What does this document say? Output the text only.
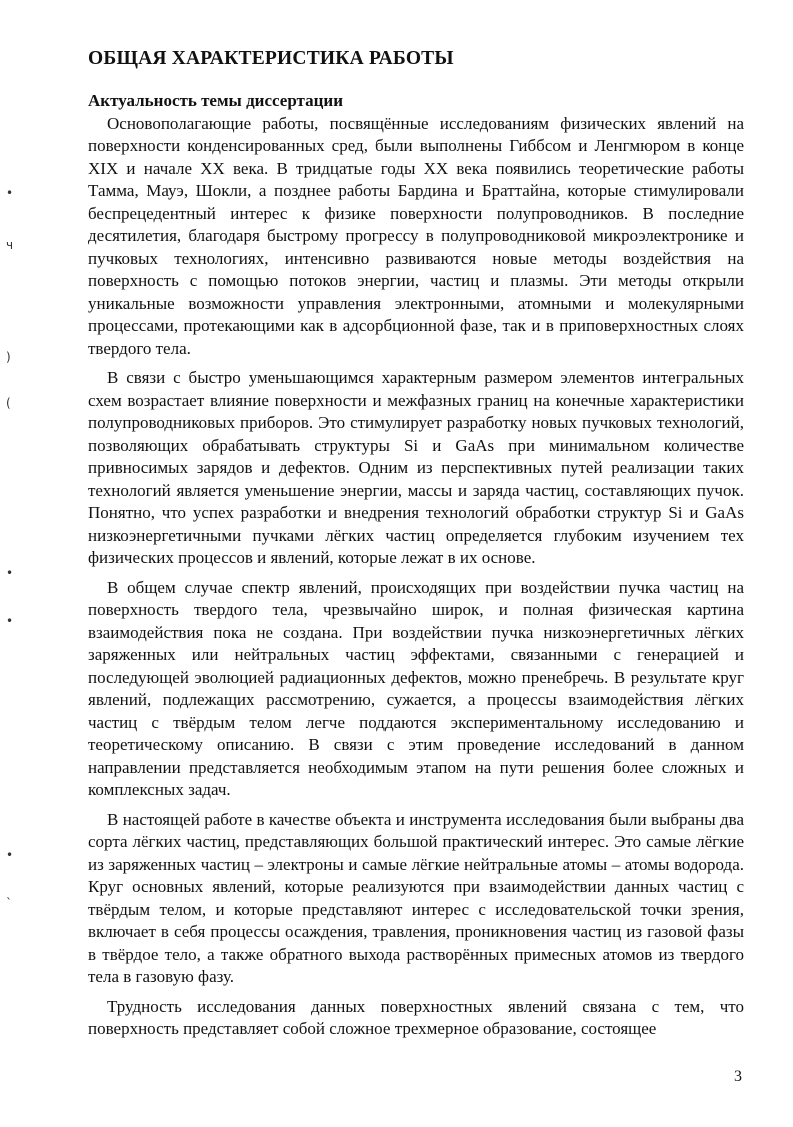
ОБЩАЯ ХАРАКТЕРИСТИКА РАБОТЫ
Актуальность темы диссертации

Основополагающие работы, посвящённые исследованиям физических явлений на поверхности конденсированных сред, были выполнены Гиббсом и Ленгмюром в конце XIX и начале XX века. В тридцатые годы XX века появились теоретические работы Тамма, Мауэ, Шокли, а позднее работы Бардина и Браттайна, которые стимулировали беспрецедентный интерес к физике поверхности полупроводников. В последние десятилетия, благодаря быстрому прогрессу в полупроводниковой микроэлектронике и пучковых технологиях, интенсивно развиваются новые методы воздействия на поверхность с помощью потоков энергии, частиц и плазмы. Эти методы открыли уникальные возможности управления электронными, атомными и молекулярными процессами, протекающими как в адсорбционной фазе, так и в приповерхностных слоях твердого тела.

В связи с быстро уменьшающимся характерным размером элементов интегральных схем возрастает влияние поверхности и межфазных границ на конечные характеристики полупроводниковых приборов. Это стимулирует разработку новых пучковых технологий, позволяющих обрабатывать структуры Si и GaAs при минимальном количестве привносимых зарядов и дефектов. Одним из перспективных путей реализации таких технологий является уменьшение энергии, массы и заряда частиц, составляющих пучок. Понятно, что успех разработки и внедрения технологий обработки структур Si и GaAs низкоэнергетичными пучками лёгких частиц определяется глубоким изучением тех физических процессов и явлений, которые лежат в их основе.

В общем случае спектр явлений, происходящих при воздействии пучка частиц на поверхность твердого тела, чрезвычайно широк, и полная физическая картина взаимодействия пока не создана. При воздействии пучка низкоэнергетичных лёгких заряженных или нейтральных частиц эффектами, связанными с генерацией и последующей эволюцией радиационных дефектов, можно пренебречь. В результате круг явлений, подлежащих рассмотрению, сужается, а процессы взаимодействия лёгких частиц с твёрдым телом легче поддаются экспериментальному исследованию и теоретическому описанию. В связи с этим проведение исследований в данном направлении представляется необходимым этапом на пути решения более сложных и комплексных задач.

В настоящей работе в качестве объекта и инструмента исследования были выбраны два сорта лёгких частиц, представляющих большой практический интерес. Это самые лёгкие из заряженных частиц – электроны и самые лёгкие нейтральные атомы – атомы водорода. Круг основных явлений, которые реализуются при взаимодействии данных частиц с твёрдым телом, и которые представляют интерес с исследовательской точки зрения, включает в себя процессы осаждения, травления, проникновения частиц из газовой фазы в твёрдое тело, а также обратного выхода растворённых примесных атомов из твердого тела в газовую фазу.

Трудность исследования данных поверхностных явлений связана с тем, что поверхность представляет собой сложное трехмерное образование, состоящее

3
•
ч
)
(
•
•
•
ˋ
